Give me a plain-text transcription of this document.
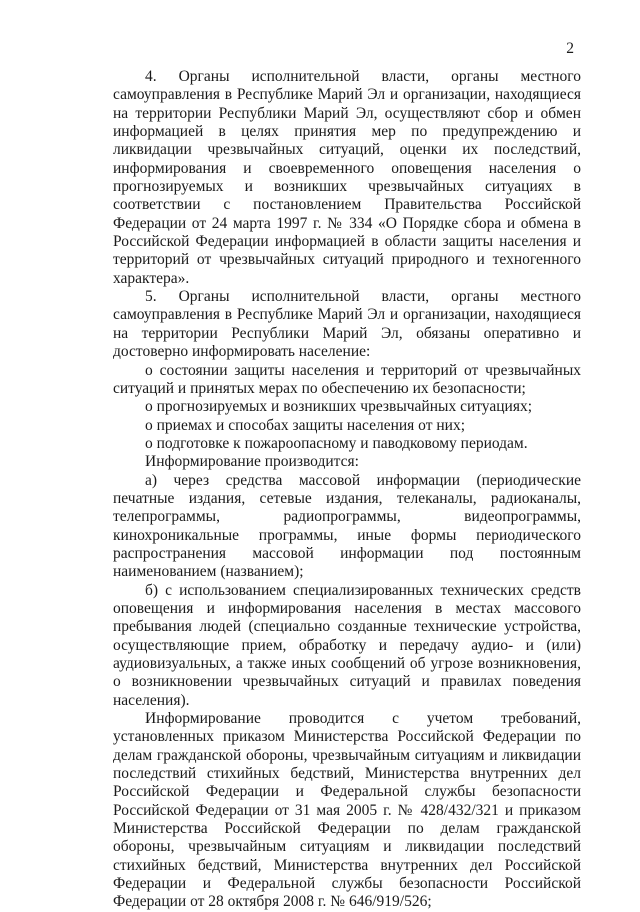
2

4. Органы исполнительной власти, органы местного самоуправления в Республике Марий Эл и организации, находящиеся на территории Республики Марий Эл, осуществляют сбор и обмен информацией в целях принятия мер по предупреждению и ликвидации чрезвычайных ситуаций, оценки их последствий, информирования и своевременного оповещения населения о прогнозируемых и возникших чрезвычайных ситуациях в соответствии с постановлением Правительства Российской Федерации от 24 марта 1997 г. № 334 «О Порядке сбора и обмена в Российской Федерации информацией в области защиты населения и территорий от чрезвычайных ситуаций природного и техногенного характера».

5. Органы исполнительной власти, органы местного самоуправления в Республике Марий Эл и организации, находящиеся на территории Республики Марий Эл, обязаны оперативно и достоверно информировать население:

о состоянии защиты населения и территорий от чрезвычайных ситуаций и принятых мерах по обеспечению их безопасности;

о прогнозируемых и возникших чрезвычайных ситуациях;

о приемах и способах защиты населения от них;

о подготовке к пожароопасному и паводковому периодам.

Информирование производится:

а) через средства массовой информации (периодические печатные издания, сетевые издания, телеканалы, радиоканалы, телепрограммы, радиопрограммы, видеопрограммы, кинохроникальные программы, иные формы периодического распространения массовой информации под постоянным наименованием (названием);

б) с использованием специализированных технических средств оповещения и информирования населения в местах массового пребывания людей (специально созданные технические устройства, осуществляющие прием, обработку и передачу аудио- и (или) аудиовизуальных, а также иных сообщений об угрозе возникновения, о возникновении чрезвычайных ситуаций и правилах поведения населения).

Информирование проводится с учетом требований, установленных приказом Министерства Российской Федерации по делам гражданской обороны, чрезвычайным ситуациям и ликвидации последствий стихийных бедствий, Министерства внутренних дел Российской Федерации и Федеральной службы безопасности Российской Федерации от 31 мая 2005 г. № 428/432/321 и приказом Министерства Российской Федерации по делам гражданской обороны, чрезвычайным ситуациям и ликвидации последствий стихийных бедствий, Министерства внутренних дел Российской Федерации и Федеральной службы безопасности Российской Федерации от 28 октября 2008 г. № 646/919/526;
